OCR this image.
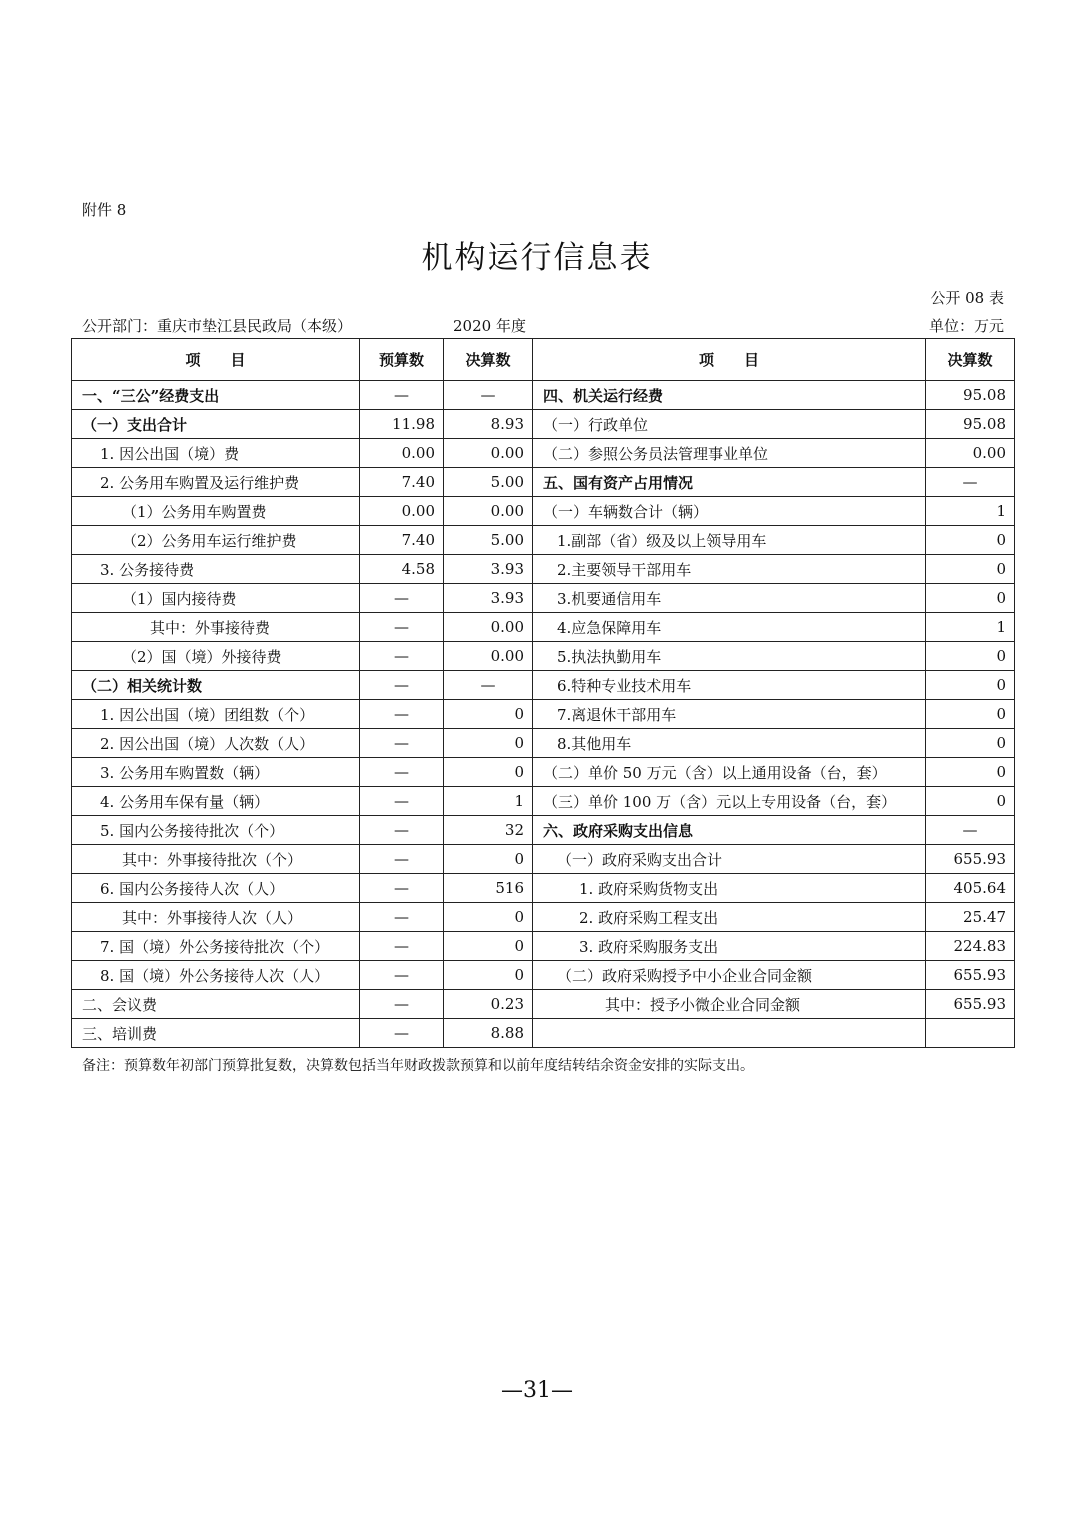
附件 8
机构运行信息表
公开 08 表
公开部门：重庆市垫江县民政局（本级）	2020 年度	单位：万元
项　　目	预算数	决算数	项　　目	决算数
一、“三公”经费支出	—	—	四、机关运行经费	95.08
（一）支出合计	11.98	8.93	（一）行政单位	95.08
1. 因公出国（境）费	0.00	0.00	（二）参照公务员法管理事业单位	0.00
2. 公务用车购置及运行维护费	7.40	5.00	五、国有资产占用情况	—
（1）公务用车购置费	0.00	0.00	（一）车辆数合计（辆）	1
（2）公务用车运行维护费	7.40	5.00	1.副部（省）级及以上领导用车	0
3. 公务接待费	4.58	3.93	2.主要领导干部用车	0
（1）国内接待费	—	3.93	3.机要通信用车	0
其中：外事接待费	—	0.00	4.应急保障用车	1
（2）国（境）外接待费	—	0.00	5.执法执勤用车	0
（二）相关统计数	—	—	6.特种专业技术用车	0
1. 因公出国（境）团组数（个）	—	0	7.离退休干部用车	0
2. 因公出国（境）人次数（人）	—	0	8.其他用车	0
3. 公务用车购置数（辆）	—	0	（二）单价 50 万元（含）以上通用设备（台，套）	0
4. 公务用车保有量（辆）	—	1	（三）单价 100 万（含）元以上专用设备（台，套）	0
5. 国内公务接待批次（个）	—	32	六、政府采购支出信息	—
其中：外事接待批次（个）	—	0	（一）政府采购支出合计	655.93
6. 国内公务接待人次（人）	—	516	1. 政府采购货物支出	405.64
其中：外事接待人次（人）	—	0	2. 政府采购工程支出	25.47
7. 国（境）外公务接待批次（个）	—	0	3. 政府采购服务支出	224.83
8. 国（境）外公务接待人次（人）	—	0	（二）政府采购授予中小企业合同金额	655.93
二、会议费	—	0.23	其中：授予小微企业合同金额	655.93
三、培训费	—	8.88		
备注：预算数年初部门预算批复数，决算数包括当年财政拨款预算和以前年度结转结余资金安排的实际支出。
—31—
